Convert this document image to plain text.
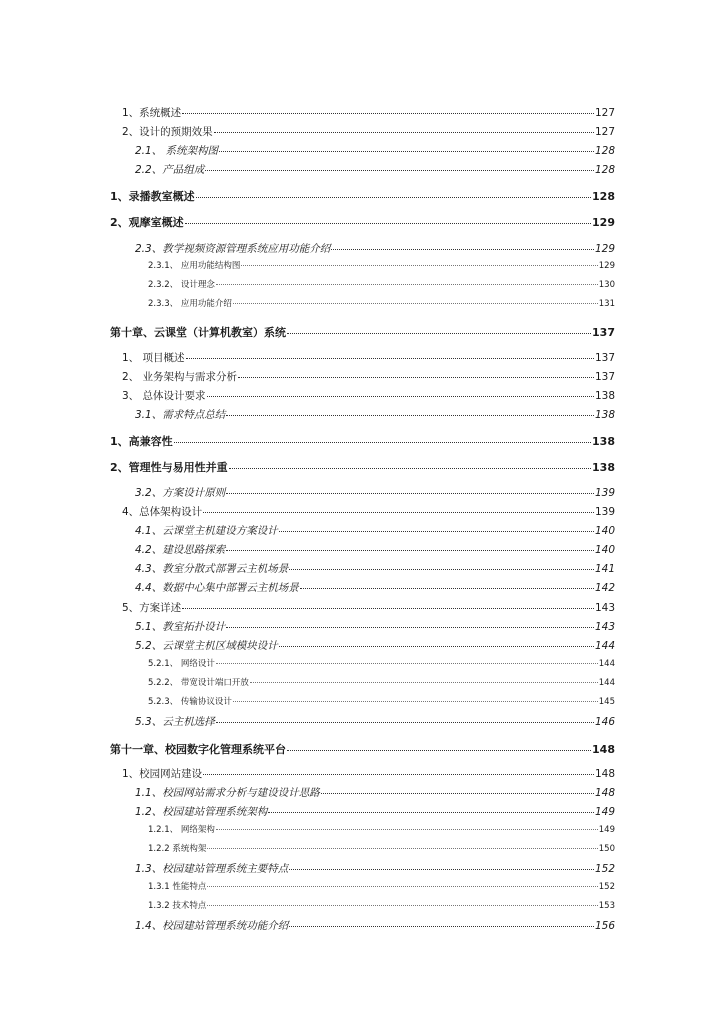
1、系统概述	127
2、设计的预期效果	127
2.1、 系统架构图	128
2.2、产品组成	128
1、录播教室概述	128
2、观摩室概述	129
2.3、教学视频资源管理系统应用功能介绍	129
2.3.1、 应用功能结构图	129
2.3.2、 设计理念	130
2.3.3、 应用功能介绍	131
第十章、云课堂（计算机教室）系统	137
1、 项目概述	137
2、 业务架构与需求分析	137
3、 总体设计要求	138
3.1、需求特点总结	138
1、高兼容性	138
2、管理性与易用性并重	138
3.2、方案设计原则	139
4、总体架构设计	139
4.1、云课堂主机建设方案设计	140
4.2、建设思路探索	140
4.3、教室分散式部署云主机场景	141
4.4、数据中心集中部署云主机场景	142
5、方案详述	143
5.1、教室拓扑设计	143
5.2、云课堂主机区域模块设计	144
5.2.1、 网络设计	144
5.2.2、 带宽设计端口开放	144
5.2.3、 传输协议设计	145
5.3、云主机选择	146
第十一章、校园数字化管理系统平台	148
1、校园网站建设	148
1.1、校园网站需求分析与建设设计思路	148
1.2、校园建站管理系统架构	149
1.2.1、 网络架构	149
1.2.2 系统构架	150
1.3、校园建站管理系统主要特点	152
1.3.1 性能特点	152
1.3.2 技术特点	153
1.4、校园建站管理系统功能介绍	156
